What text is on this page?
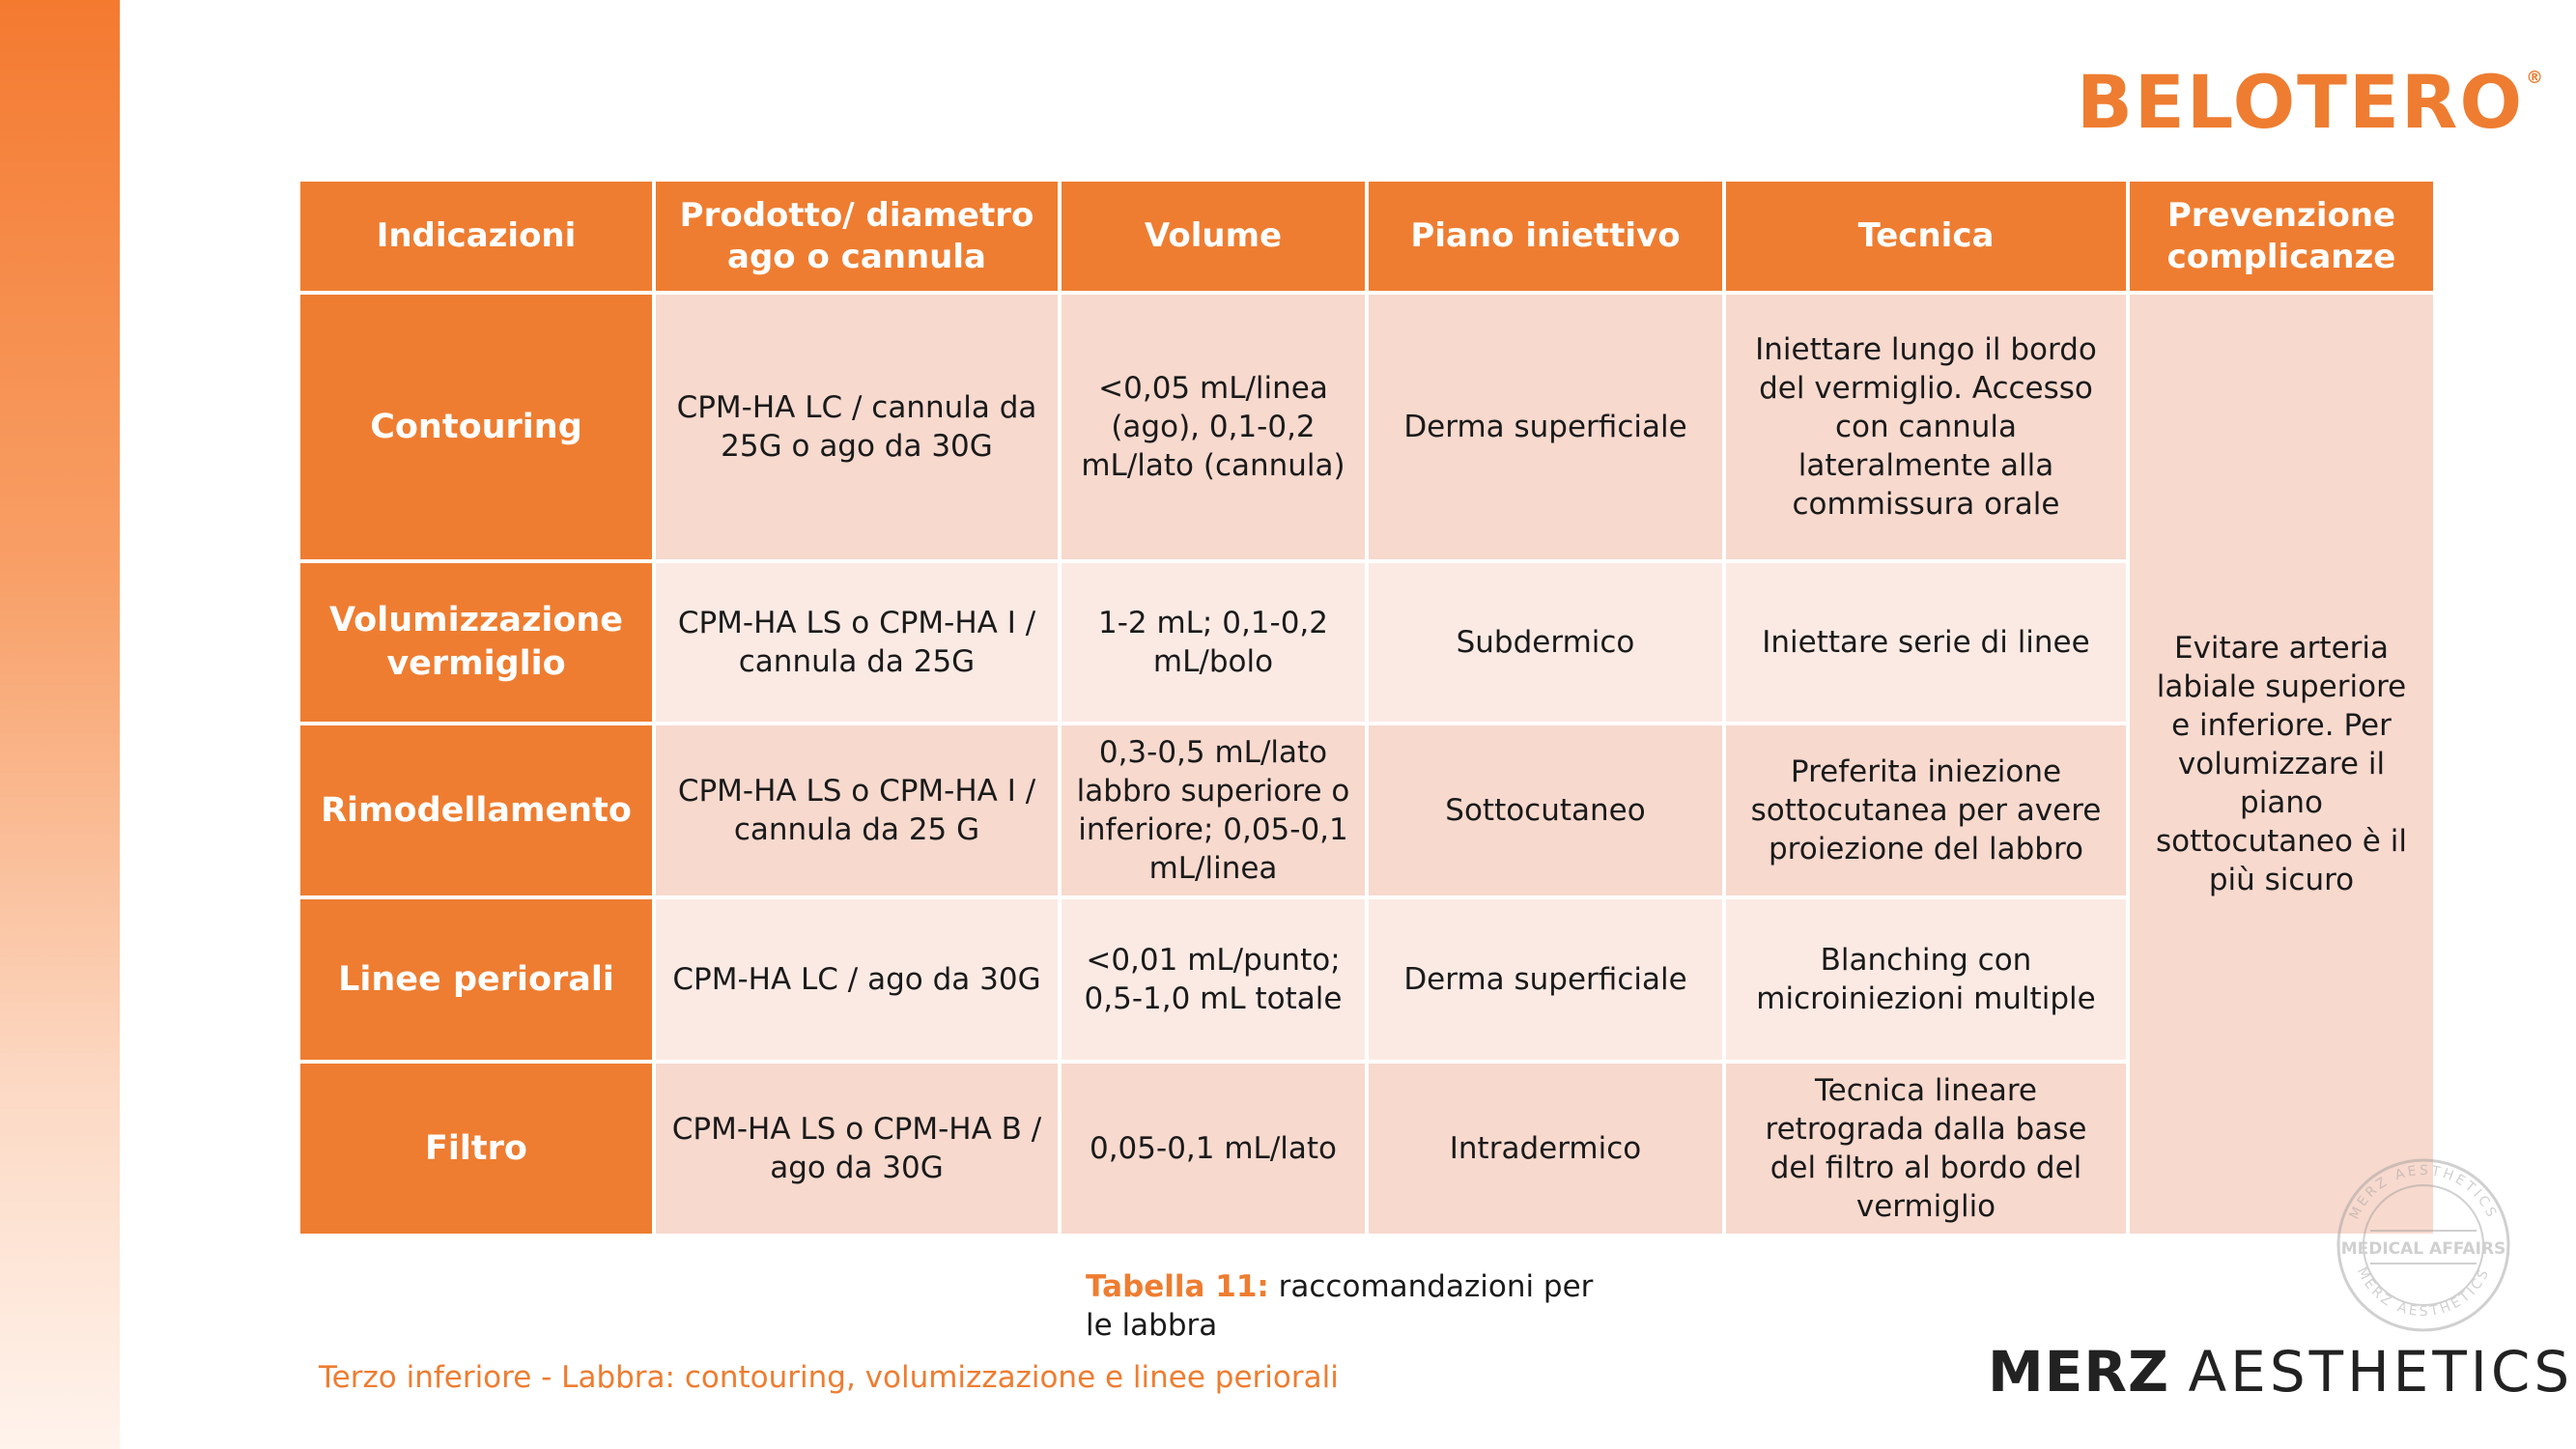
BELOTERO ®
Indicazioni	Prodotto/ diametro ago o cannula	Volume	Piano iniettivo	Tecnica	Prevenzione complicanze
Contouring	CPM-HA LC / cannula da 25G o ago da 30G	<0,05 mL/linea (ago), 0,1-0,2 mL/lato (cannula)	Derma superficiale	Iniettare lungo il bordo del vermiglio. Accesso con cannula lateralmente alla commissura orale	Evitare arteria labiale superiore e inferiore. Per volumizzare il piano sottocutaneo è il più sicuro
Volumizzazione vermiglio	CPM-HA LS o CPM-HA I / cannula da 25G	1-2 mL; 0,1-0,2 mL/bolo	Subdermico	Iniettare serie di linee	
Rimodellamento	CPM-HA LS o CPM-HA I / cannula da 25 G	0,3-0,5 mL/lato labbro superiore o inferiore; 0,05-0,1 mL/linea	Sottocutaneo	Preferita iniezione sottocutanea per avere proiezione del labbro	
Linee periorali	CPM-HA LC / ago da 30G	<0,01 mL/punto; 0,5-1,0 mL totale	Derma superficiale	Blanching con microiniezioni multiple	
Filtro	CPM-HA LS o CPM-HA B / ago da 30G	0,05-0,1 mL/lato	Intradermico	Tecnica lineare retrograda dalla base del filtro al bordo del vermiglio		MERZ AESTHETICS
MERZ AESTHETICS
MEDICAL AFFAIRS
Tabella 11: raccomandazioni per le labbra
Terzo inferiore - Labbra: contouring, volumizzazione e linee periorali	MERZ AESTHETICS
